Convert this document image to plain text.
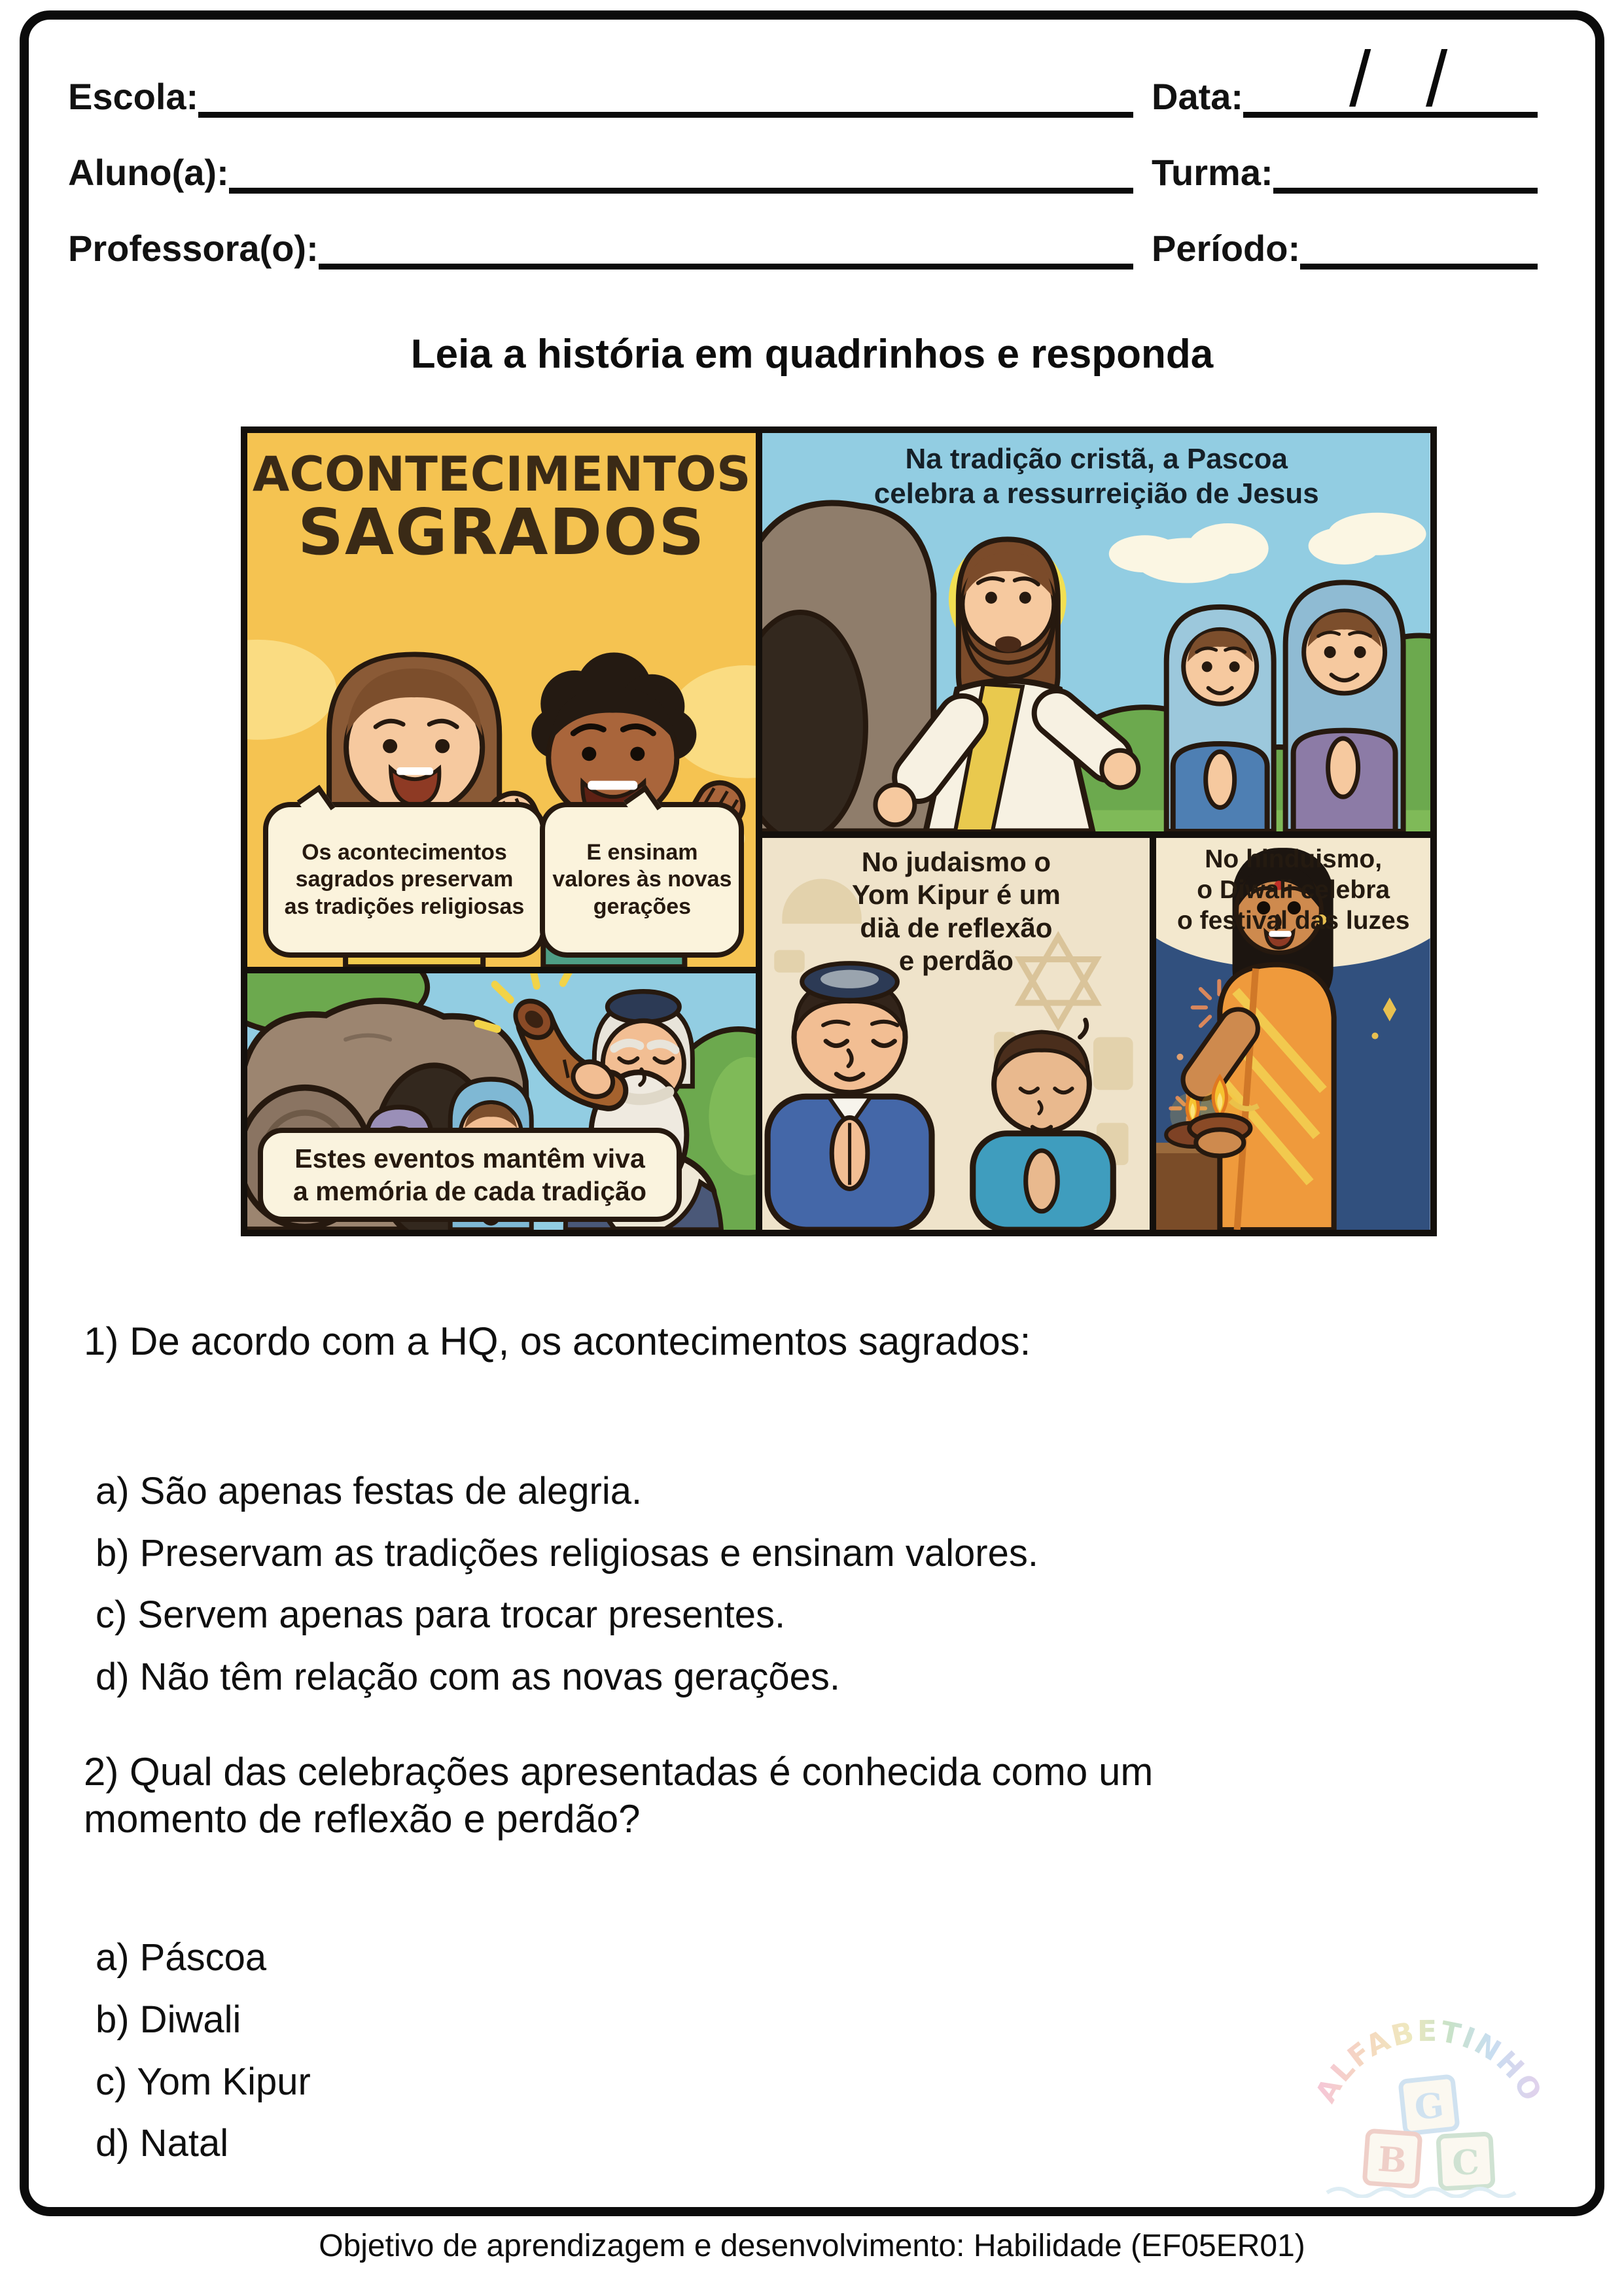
Escola:	Data: / /
Aluno(a):	Turma:
Professora(o):	Período:
Leia a história em quadrinhos e responda
ACONTECIMENTOS
SAGRADOS
Os acontecimentos
sagrados preservam
as tradições religiosas
E ensinam
valores às novas
gerações
Estes eventos mantêm viva
a memória de cada tradição
Na tradição cristã, a Pascoa
celebra a ressurreiçião de Jesus
No judaismo o
Yom Kipur é um
dià de reflexão
e perdão
No hinduismo,
o Diwali celebra
o festival das luzes
1) De acordo com a HQ, os acontecimentos sagrados:
a) São apenas festas de alegria.
b) Preservam as tradições religiosas e ensinam valores.
c) Servem apenas para trocar presentes.
d) Não têm relação com as novas gerações.
2) Qual das celebrações apresentadas é conhecida como um momento de reflexão e perdão?
a) Páscoa
b) Diwali
c) Yom Kipur
d) Natal
ALFABETINHO
G
B C
Objetivo de aprendizagem e desenvolvimento: Habilidade (EF05ER01)
